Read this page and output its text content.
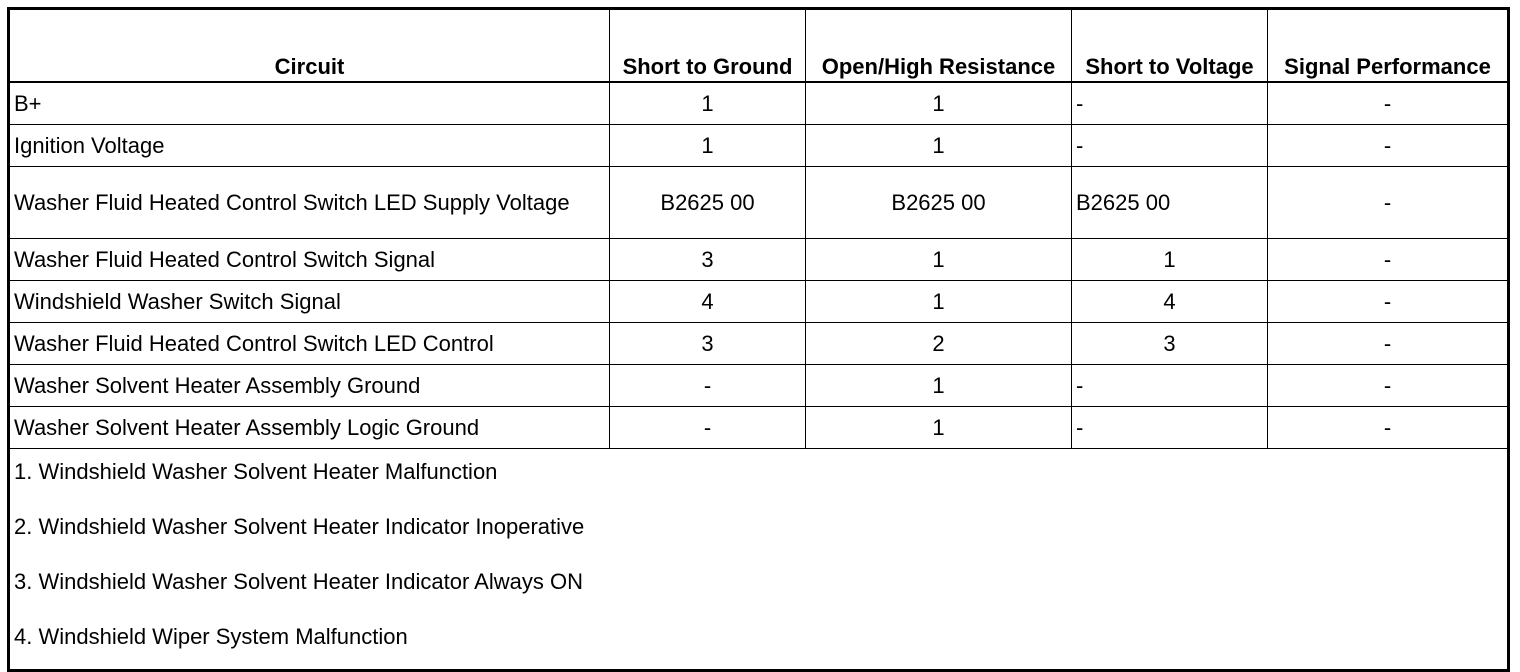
Circuit	Short to Ground	Open/High Resistance	Short to Voltage	Signal Performance
B+	1	1	-	-
Ignition Voltage	1	1	-	-
Washer Fluid Heated Control Switch LED Supply Voltage	B2625 00	B2625 00	B2625 00	-
Washer Fluid Heated Control Switch Signal	3	1	1	-
Windshield Washer Switch Signal	4	1	4	-
Washer Fluid Heated Control Switch LED Control	3	2	3	-
Washer Solvent Heater Assembly Ground	-	1	-	-
Washer Solvent Heater Assembly Logic Ground	-	1	-	-

1. Windshield Washer Solvent Heater Malfunction
2. Windshield Washer Solvent Heater Indicator Inoperative
3. Windshield Washer Solvent Heater Indicator Always ON
4. Windshield Wiper System Malfunction				
